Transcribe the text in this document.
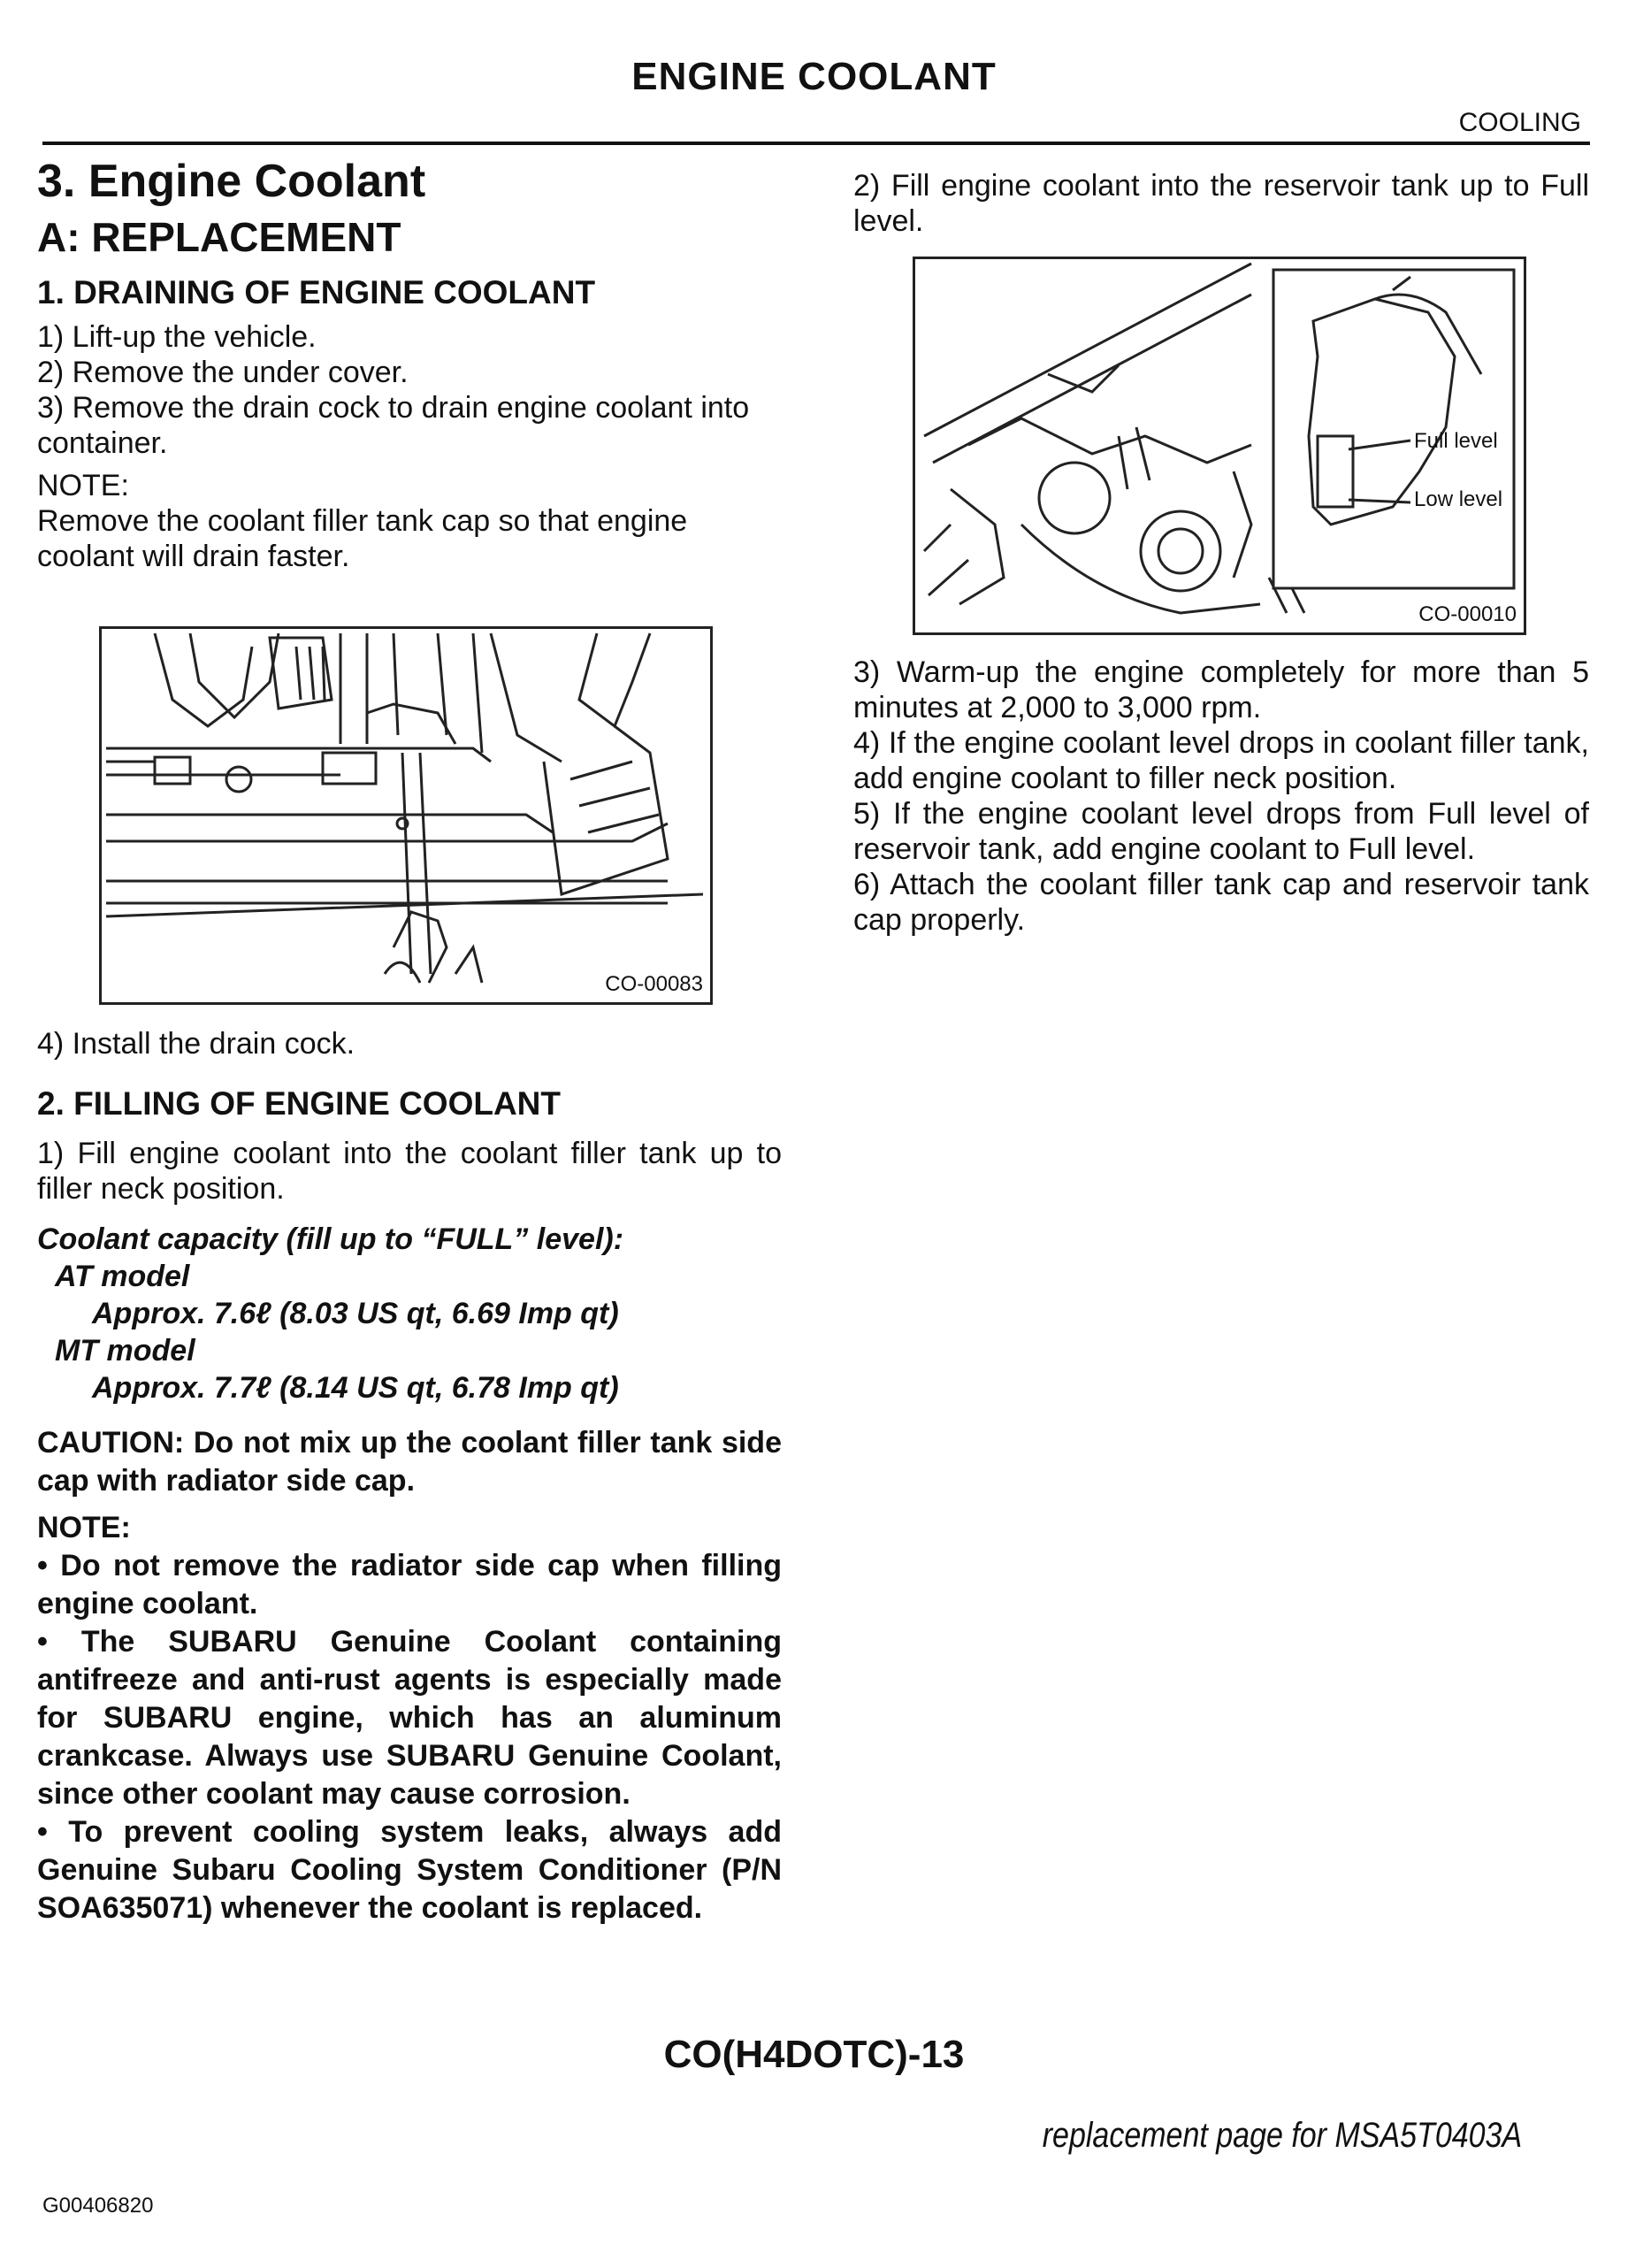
ENGINE COOLANT
COOLING
3. Engine Coolant
A: REPLACEMENT
1. DRAINING OF ENGINE COOLANT

1) Lift-up the vehicle.

2) Remove the under cover.

3) Remove the drain cock to drain engine coolant into container.

NOTE:

Remove the coolant filler tank cap so that engine coolant will drain faster.

CO-00083

4) Install the drain cock.

2. FILLING OF ENGINE COOLANT

1) Fill engine coolant into the coolant filler tank up to filler neck position.

Coolant capacity (fill up to “FULL” level):
AT model
Approx. 7.6ℓ (8.03 US qt, 6.69 Imp qt)
MT model
Approx. 7.7ℓ (8.14 US qt, 6.78 Imp qt)
CAUTION: Do not mix up the coolant filler tank side cap with radiator side cap.
NOTE:
• Do not remove the radiator side cap when filling engine coolant.
• The SUBARU Genuine Coolant containing antifreeze and anti-rust agents is especially made for SUBARU engine, which has an aluminum crankcase. Always use SUBARU Genuine Coolant, since other coolant may cause corrosion.
• To prevent cooling system leaks, always add Genuine Subaru Cooling System Conditioner (P/N SOA635071) whenever the coolant is replaced.
2) Fill engine coolant into the reservoir tank up to Full level.
Full level
Low level
CO-00010

3) Warm-up the engine completely for more than 5 minutes at 2,000 to 3,000 rpm.

4) If the engine coolant level drops in coolant filler tank, add engine coolant to filler neck position.

5) If the engine coolant level drops from Full level of reservoir tank, add engine coolant to Full level.

6) Attach the coolant filler tank cap and reservoir tank cap properly.

CO(H4DOTC)-13
replacement page for MSA5T0403A
G00406820
